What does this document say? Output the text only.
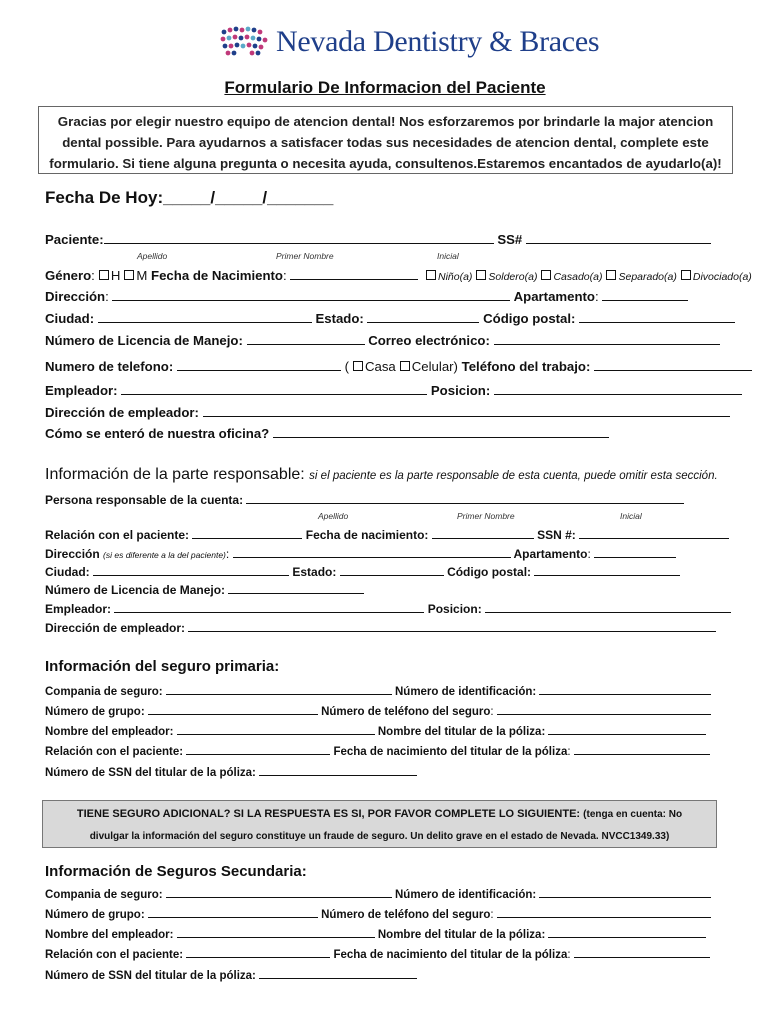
Nevada Dentistry & Braces
Formulario De Informacion del Paciente
Gracias por elegir nuestro equipo de atencion dental! Nos esforzaremos por brindarle la major atencion dental possible. Para ayudarnos a satisfacer todas sus necesidades de atencion dental, complete este formulario. Si tiene alguna pregunta o necesita ayuda, consultenos.Estaremos encantados de ayudarlo(a)!
Fecha De Hoy:_____/_____/_______
Paciente:	SS#
Apellido	Primer Nombre	Inicial
Género: H M Fecha de Nacimiento:	Niño(a) Soldero(a) Casado(a) Separado(a) Divociado(a)
Dirección:	Apartamento:
Ciudad:	Estado:	Código postal:
Número de Licencia de Manejo:	Correo electrónico:
Numero de telefono:	( Casa Celular) Teléfono del trabajo:
Empleador:	Posicion:
Dirección de empleador:
Cómo se enteró de nuestra oficina?
Información de la parte responsable: si el paciente es la parte responsable de esta cuenta, puede omitir esta sección.
Persona responsable de la cuenta:
Apellido	Primer Nombre	Inicial
Relación con el paciente:	Fecha de nacimiento:	SSN #:
Dirección (si es diferente a la del paciente):	Apartamento:
Ciudad:	Estado:	Código postal:
Número de Licencia de Manejo:
Empleador:	Posicion:
Dirección de empleador:
Información del seguro primaria:
Compania de seguro:	Número de identificación:
Número de grupo:	Número de teléfono del seguro:
Nombre del empleador:	Nombre del titular de la póliza:
Relación con el paciente:	Fecha de nacimiento del titular de la póliza:
Número de SSN del titular de la póliza:
TIENE SEGURO ADICIONAL? SI LA RESPUESTA ES SI, POR FAVOR COMPLETE LO SIGUIENTE: (tenga en cuenta: No
divulgar la información del seguro constituye un fraude de seguro. Un delito grave en el estado de Nevada. NVCC1349.33)
Información de Seguros Secundaria:
Compania de seguro:	Número de identificación:
Número de grupo:	Número de teléfono del seguro:
Nombre del empleador:	Nombre del titular de la póliza:
Relación con el paciente:	Fecha de nacimiento del titular de la póliza:
Número de SSN del titular de la póliza:
